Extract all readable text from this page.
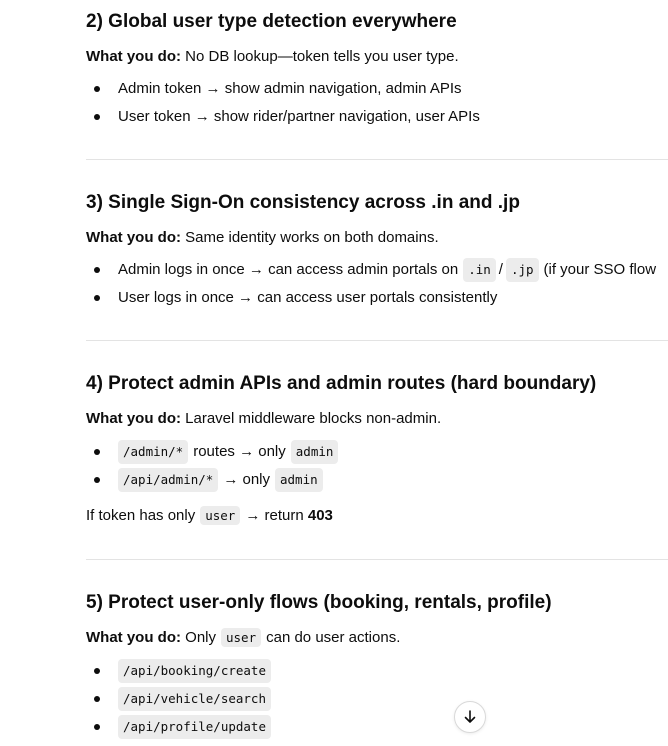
2) Global user type detection everywhere

What you do: No DB lookup—token tells you user type.

Admin token → show admin navigation, admin APIs
User token → show rider/partner navigation, user APIs
3) Single Sign-On consistency across .in and .jp

What you do: Same identity works on both domains.

Admin logs in once → can access admin portals on .in / .jp (if your SSO flow
User logs in once → can access user portals consistently
4) Protect admin APIs and admin routes (hard boundary)

What you do: Laravel middleware blocks non-admin.

/admin/* routes → only admin
/api/admin/* → only admin
If token has only user → return 403
5) Protect user-only flows (booking, rentals, profile)

What you do: Only user can do user actions.

/api/booking/create
/api/vehicle/search
/api/profile/update
